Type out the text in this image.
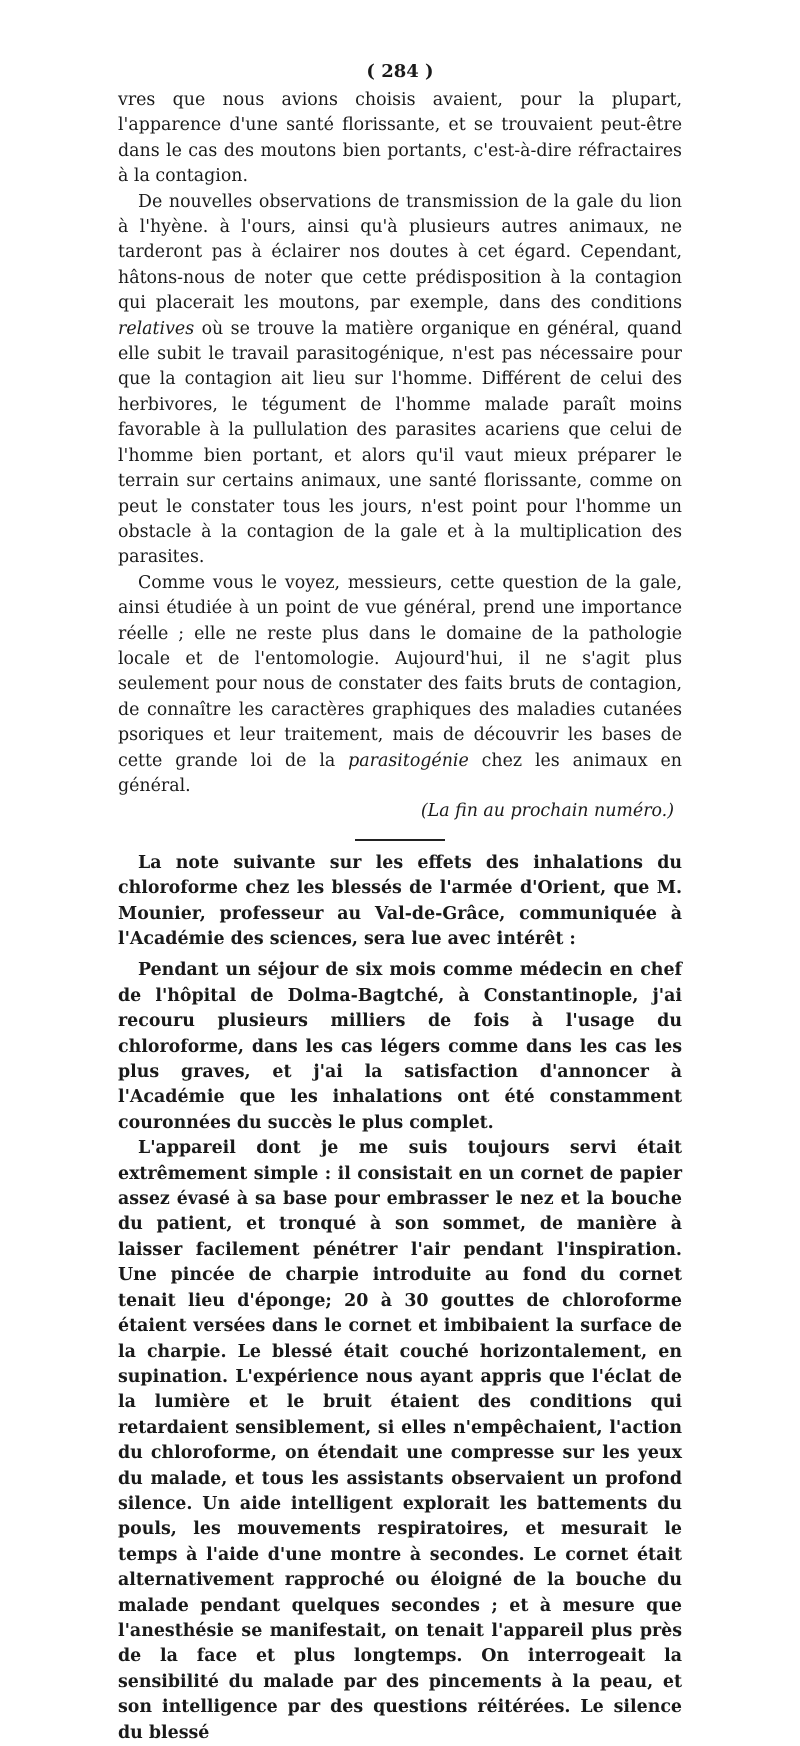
( 284 )

vres que nous avions choisis avaient, pour la plupart, l'apparence d'une santé florissante, et se trouvaient peut-être dans le cas des moutons bien portants, c'est-à-dire réfractaires à la contagion.

De nouvelles observations de transmission de la gale du lion à l'hyène. à l'ours, ainsi qu'à plusieurs autres animaux, ne tarderont pas à éclairer nos doutes à cet égard. Cependant, hâtons-nous de noter que cette prédisposition à la contagion qui placerait les moutons, par exemple, dans des conditions relatives où se trouve la matière organique en général, quand elle subit le travail parasitogénique, n'est pas nécessaire pour que la contagion ait lieu sur l'homme. Différent de celui des herbivores, le tégument de l'homme malade paraît moins favorable à la pullulation des parasites acariens que celui de l'homme bien portant, et alors qu'il vaut mieux préparer le terrain sur certains animaux, une santé florissante, comme on peut le constater tous les jours, n'est point pour l'homme un obstacle à la contagion de la gale et à la multiplication des parasites.

Comme vous le voyez, messieurs, cette question de la gale, ainsi étudiée à un point de vue général, prend une importance réelle ; elle ne reste plus dans le domaine de la pathologie locale et de l'entomologie. Aujourd'hui, il ne s'agit plus seulement pour nous de constater des faits bruts de contagion, de connaître les caractères graphiques des maladies cutanées psoriques et leur traitement, mais de découvrir les bases de cette grande loi de la parasitogénie chez les animaux en général.

(La fin au prochain numéro.)

La note suivante sur les effets des inhalations du chloroforme chez les blessés de l'armée d'Orient, que M. Mounier, professeur au Val-de-Grâce, communiquée à l'Académie des sciences, sera lue avec intérêt :

Pendant un séjour de six mois comme médecin en chef de l'hôpital de Dolma-Bagtché, à Constantinople, j'ai recouru plusieurs milliers de fois à l'usage du chloroforme, dans les cas légers comme dans les cas les plus graves, et j'ai la satisfaction d'annoncer à l'Académie que les inhalations ont été constamment couronnées du succès le plus complet.

L'appareil dont je me suis toujours servi était extrêmement simple : il consistait en un cornet de papier assez évasé à sa base pour embrasser le nez et la bouche du patient, et tronqué à son sommet, de manière à laisser facilement pénétrer l'air pendant l'inspiration. Une pincée de charpie introduite au fond du cornet tenait lieu d'éponge; 20 à 30 gouttes de chloroforme étaient versées dans le cornet et imbibaient la surface de la charpie. Le blessé était couché horizontalement, en supination. L'expérience nous ayant appris que l'éclat de la lumière et le bruit étaient des conditions qui retardaient sensiblement, si elles n'empêchaient, l'action du chloroforme, on étendait une compresse sur les yeux du malade, et tous les assistants observaient un profond silence. Un aide intelligent explorait les battements du pouls, les mouvements respiratoires, et mesurait le temps à l'aide d'une montre à secondes. Le cornet était alternativement rapproché ou éloigné de la bouche du malade pendant quelques secondes ; et à mesure que l'anesthésie se manifestait, on tenait l'appareil plus près de la face et plus longtemps. On interrogeait la sensibilité du malade par des pincements à la peau, et son intelligence par des questions réitérées. Le silence du blessé
